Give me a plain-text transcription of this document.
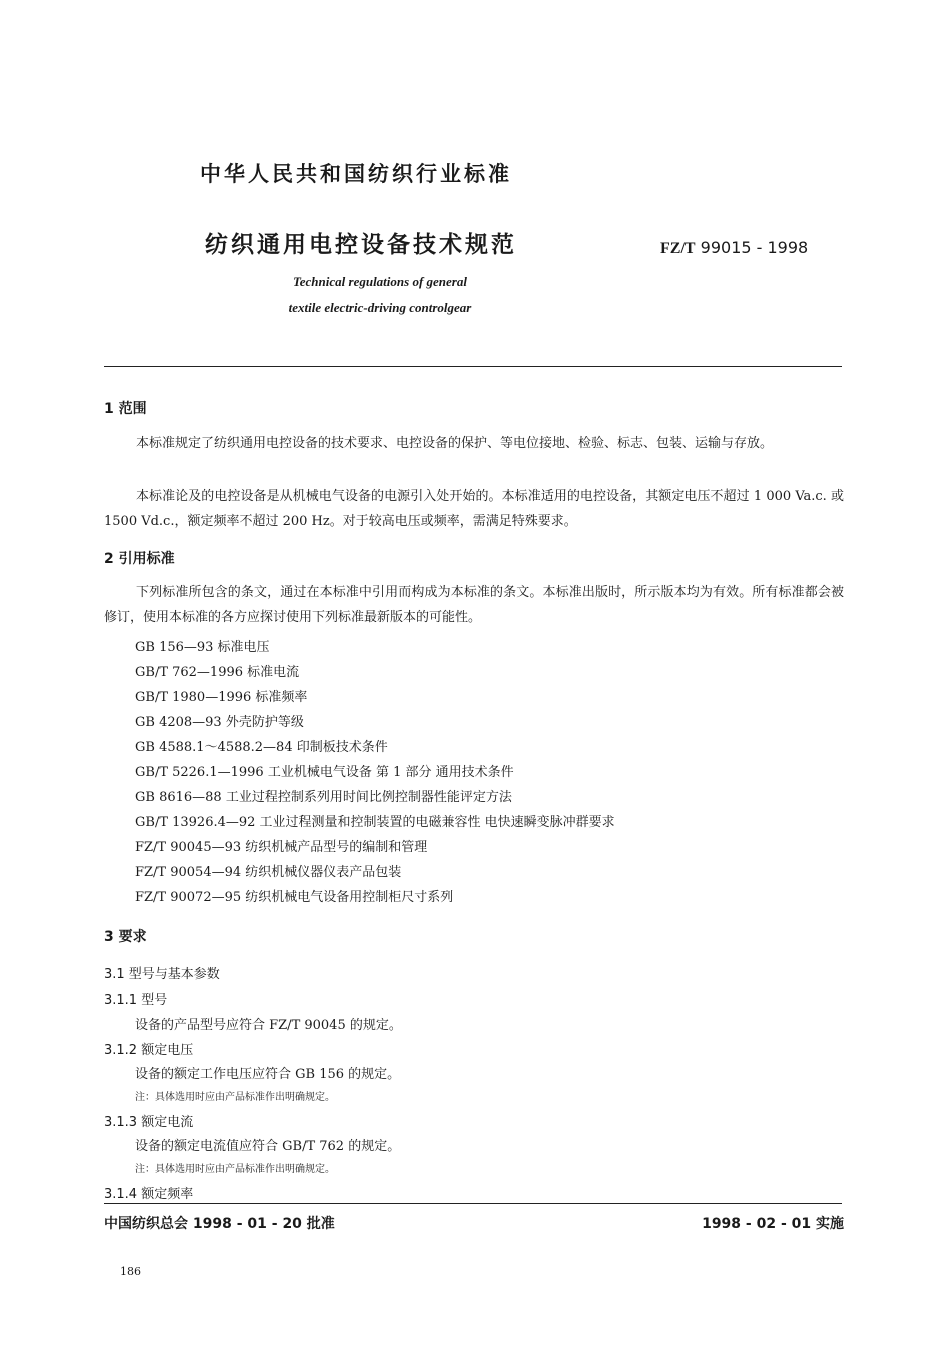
中华人民共和国纺织行业标准
纺织通用电控设备技术规范	FZ/T 99015 - 1998
Technical regulations of general
textile electric-driving controlgear
1 范围
本标准规定了纺织通用电控设备的技术要求、电控设备的保护、等电位接地、检验、标志、包装、运输与存放。
本标准论及的电控设备是从机械电气设备的电源引入处开始的。本标准适用的电控设备，其额定电压不超过 1 000 Va.c. 或 1500 Vd.c.，额定频率不超过 200 Hz。对于较高电压或频率，需满足特殊要求。
2 引用标准
下列标准所包含的条文，通过在本标准中引用而构成为本标准的条文。本标准出版时，所示版本均为有效。所有标准都会被修订，使用本标准的各方应探讨使用下列标准最新版本的可能性。
GB 156—93 标准电压
GB/T 762—1996 标准电流
GB/T 1980—1996 标准频率
GB 4208—93 外壳防护等级
GB 4588.1～4588.2—84 印制板技术条件
GB/T 5226.1—1996 工业机械电气设备 第 1 部分 通用技术条件
GB 8616—88 工业过程控制系列用时间比例控制器性能评定方法
GB/T 13926.4—92 工业过程测量和控制装置的电磁兼容性 电快速瞬变脉冲群要求
FZ/T 90045—93 纺织机械产品型号的编制和管理
FZ/T 90054—94 纺织机械仪器仪表产品包装
FZ/T 90072—95 纺织机械电气设备用控制柜尺寸系列
3 要求
3.1 型号与基本参数
3.1.1 型号
设备的产品型号应符合 FZ/T 90045 的规定。
3.1.2 额定电压
设备的额定工作电压应符合 GB 156 的规定。
注：具体选用时应由产品标准作出明确规定。
3.1.3 额定电流
设备的额定电流值应符合 GB/T 762 的规定。
注：具体选用时应由产品标准作出明确规定。
3.1.4 额定频率
中国纺织总会 1998 - 01 - 20 批准	1998 - 02 - 01 实施
186
